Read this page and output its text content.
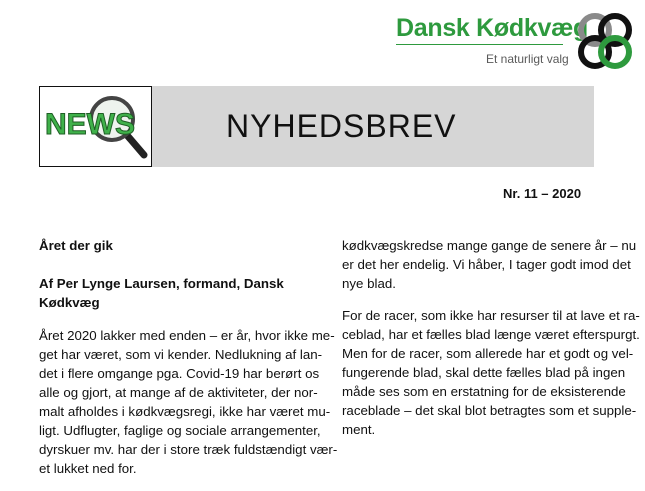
Dansk Kødkvæg
Et naturligt valg
NEWS	NYHEDSBREV
Nr. 11 – 2020

Året der gik

Af Per Lynge Laursen, formand, Dansk Kødkvæg

Året 2020 lakker med enden – er år, hvor ikke me-
get har været, som vi kender. Nedlukning af lan-
det i flere omgange pga. Covid-19 har berørt os
alle og gjort, at mange af de aktiviteter, der nor-
malt afholdes i kødkvægsregi, ikke har været mu-
ligt. Udflugter, faglige og sociale arrangementer,
dyrskuer mv. har der i store træk fuldstændigt vær-
et lukket ned for.

kødkvægskredse mange gange de senere år – nu
er det her endelig. Vi håber, I tager godt imod det
nye blad.

For de racer, som ikke har resurser til at lave et ra-
ceblad, har et fælles blad længe været efterspurgt.
Men for de racer, som allerede har et godt og vel-
fungerende blad, skal dette fælles blad på ingen
måde ses som en erstatning for de eksisterende
raceblade – det skal blot betragtes som et supple-
ment.
